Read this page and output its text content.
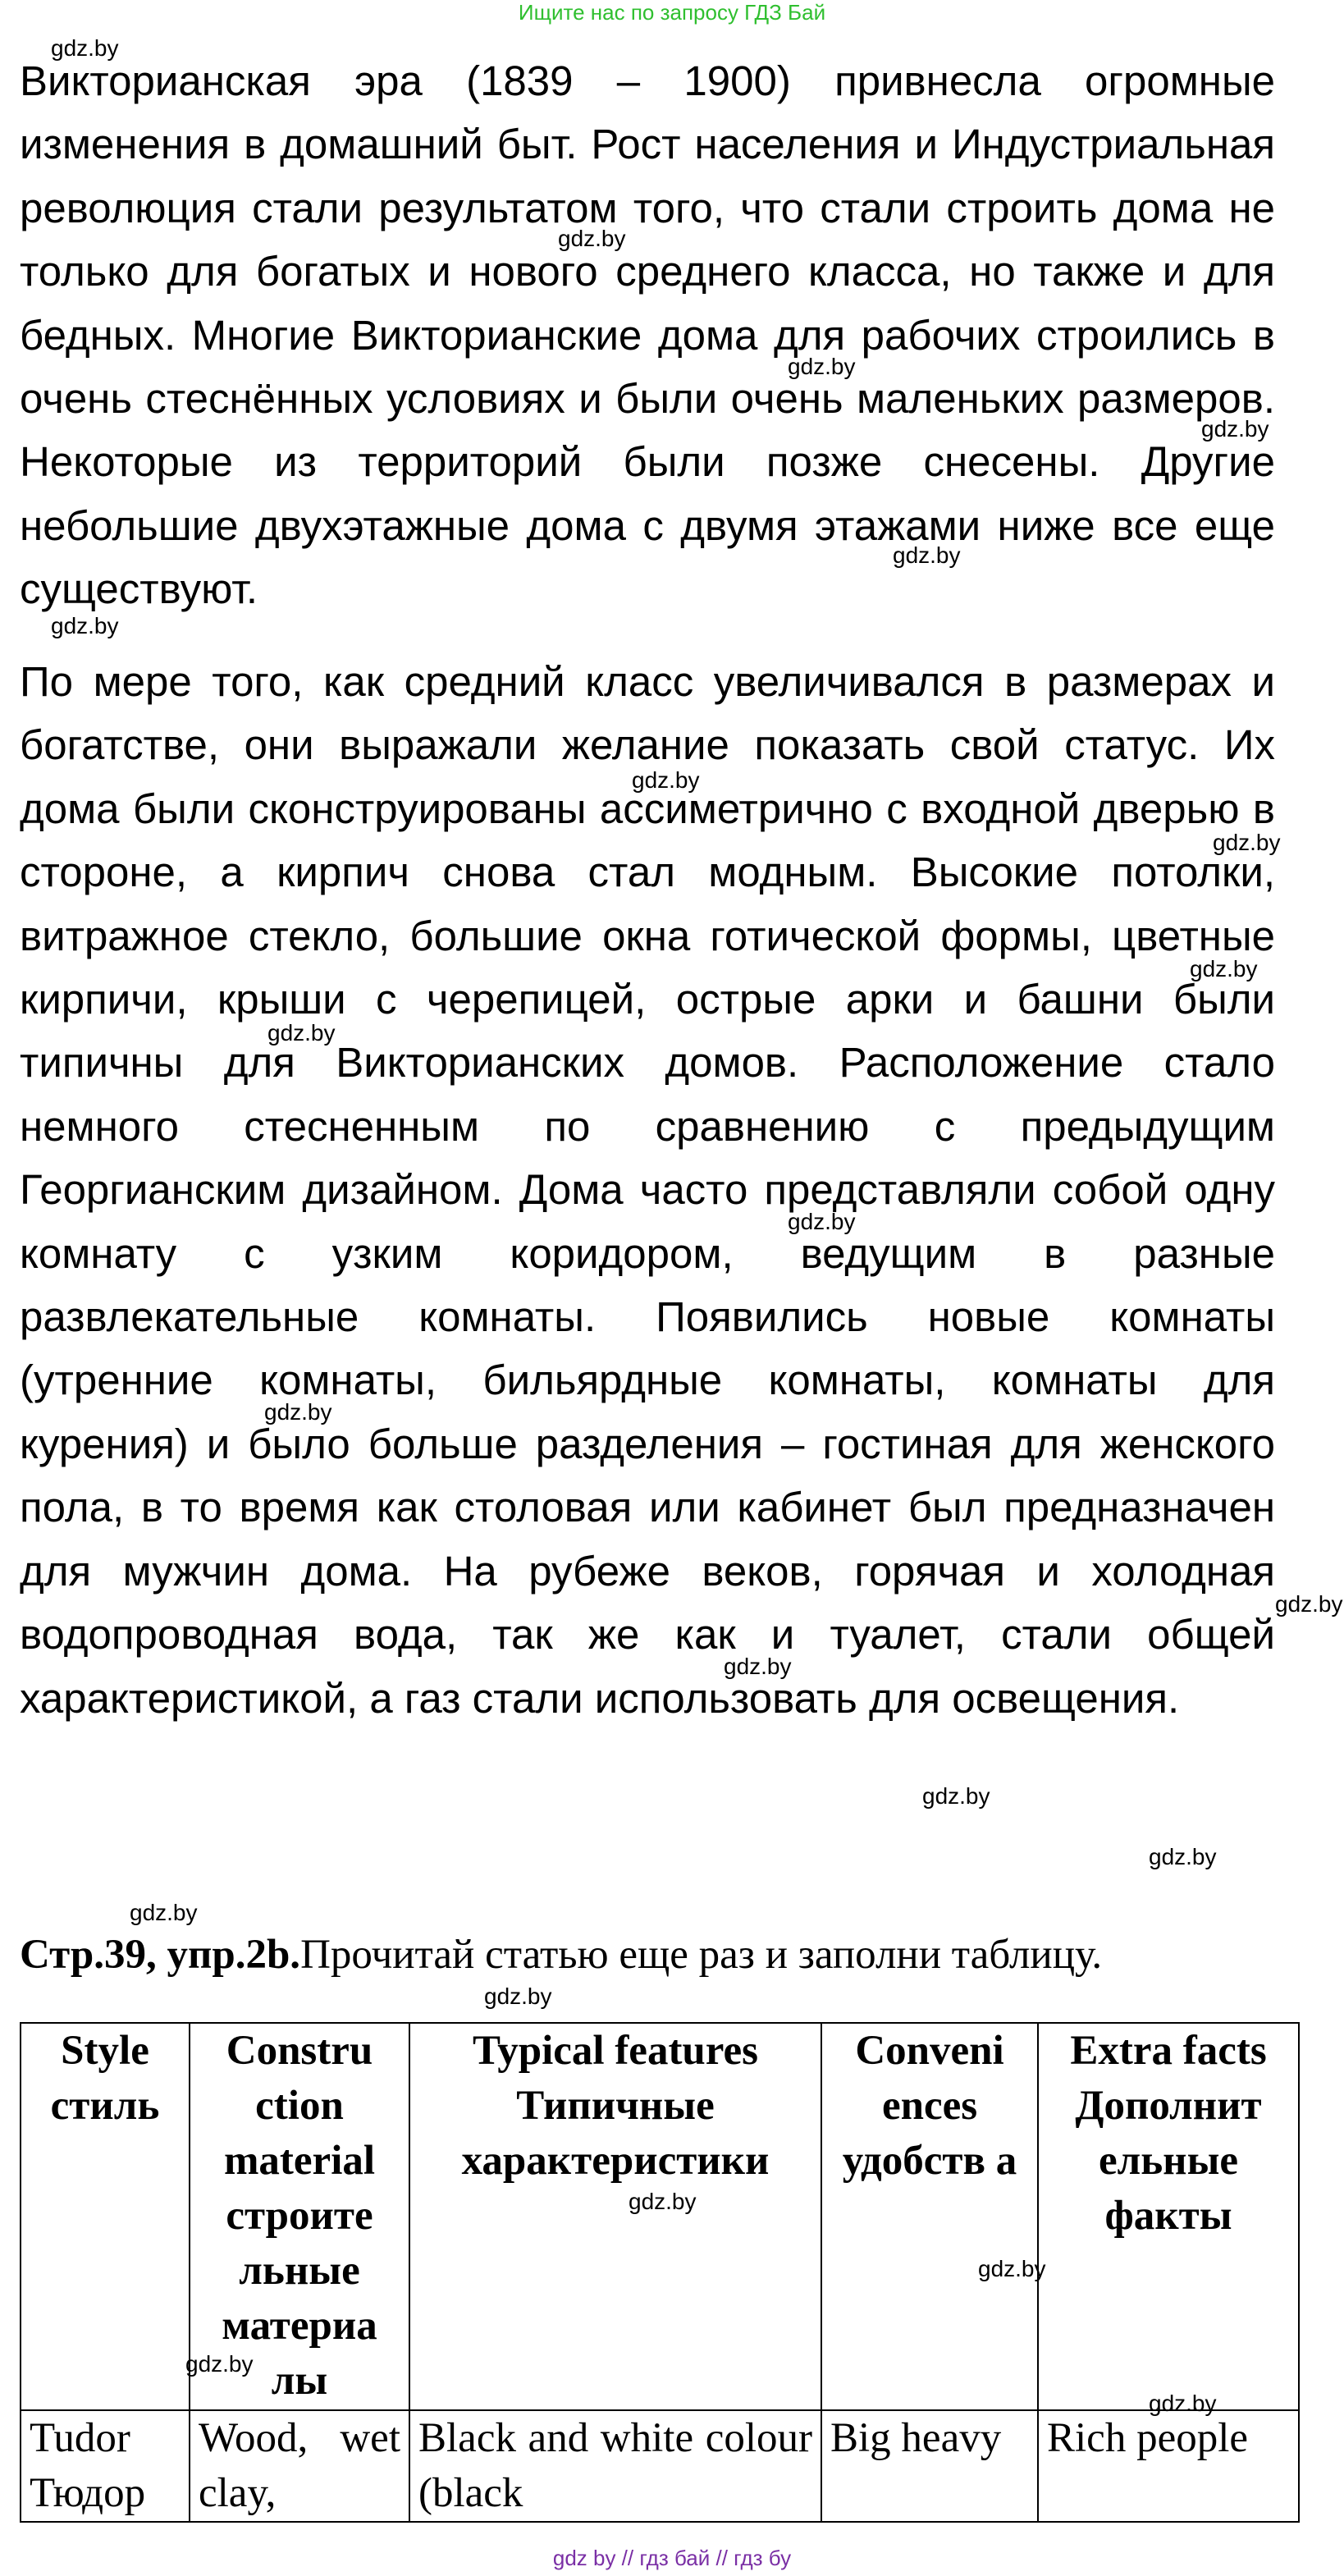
Ищите нас по запросу ГДЗ Бай
gdz.by
gdz.by
gdz.by
gdz.by
gdz.by
gdz.by
gdz.by
gdz.by
gdz.by
gdz.by
gdz.by
gdz.by
gdz.by
gdz.by
gdz.by
gdz.by
gdz.by
gdz.by
gdz.by
gdz.by
gdz.by
gdz.by

Викторианская эра (1839 – 1900) привнесла огромные изменения в домашний быт. Рост населения и Индустриальная революция стали результатом того, что стали строить дома не только для богатых и нового среднего класса, но также и для бедных. Многие Викторианские дома для рабочих строились в очень стеснённых условиях и были очень маленьких размеров. Некоторые из территорий были позже снесены. Другие небольшие двухэтажные дома с двумя этажами ниже все еще существуют.

По мере того, как средний класс увеличивался в размерах и богатстве, они выражали желание показать свой статус. Их дома были сконструированы ассиметрично с входной дверью в стороне, а кирпич снова стал модным. Высокие потолки, витражное стекло, большие окна готической формы, цветные кирпичи, крыши с черепицей, острые арки и башни были типичны для Викторианских домов. Расположение стало немного стесненным по сравнению с предыдущим Георгианским дизайном. Дома часто представляли собой одну комнату с узким коридором, ведущим в разные развлекательные комнаты. Появились новые комнаты (утренние комнаты, бильярдные комнаты, комнаты для курения) и было больше разделения – гостиная для женского пола, в то время как столовая или кабинет был предназначен для мужчин дома. На рубеже веков, горячая и холодная водопроводная вода, так же как и туалет, стали общей характеристикой, а газ стали использовать для освещения.

Стр.39, упр.2b.Прочитай статью еще раз и заполни таблицу.

Style стиль	Constru ction material строите льные материа лы	Typical features Типичные характеристики	Conveni ences удобств а	Extra facts Дополнит ельные факты
Tudor Тюдор	Wood, wet clay,	Black and white colour (black	Big heavy	Rich people
gdz by // гдз бай // гдз бу
